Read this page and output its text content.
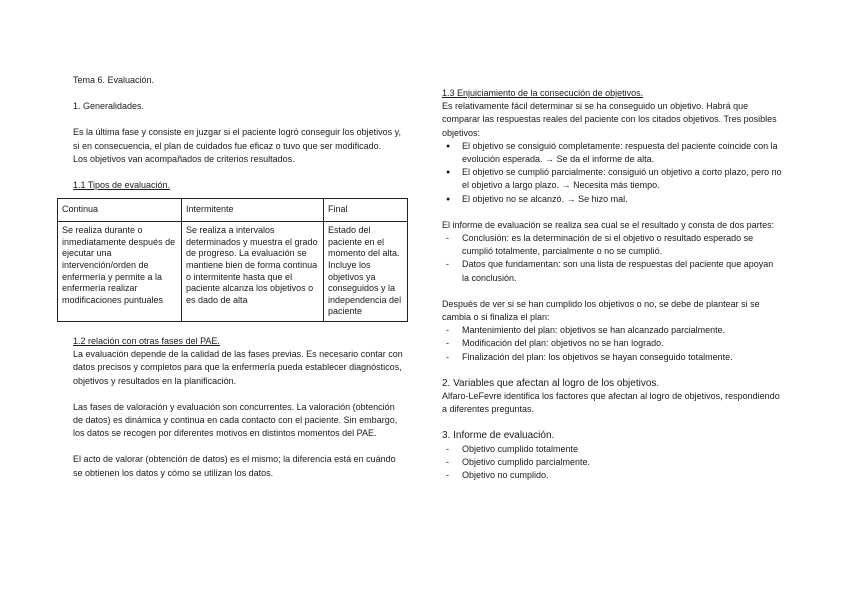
Tema 6. Evaluación.

1. Generalidades.

Es la última fase y consiste en juzgar si el paciente logró conseguir los objetivos y, si en consecuencia, el plan de cuidados fue eficaz o tuvo que ser modificado.

Los objetivos van acompañados de criterios resultados.

1.1 Tipos de evaluación.

Continua	Intermitente	Final
Se realiza durante o inmediatamente después de ejecutar una intervención/orden de enfermería y permite a la enfermería realizar modificaciones puntuales	Se realiza a intervalos determinados y muestra el grado de progreso. La evaluación se mantiene bien de forma continua o intermitente hasta que el paciente alcanza los objetivos o es dado de alta	Estado del paciente en el momento del alta. Incluye los objetivos ya conseguidos y la independencia del paciente

1.2 relación con otras fases del PAE.

La evaluación depende de la calidad de las fases previas. Es necesario contar con datos precisos y completos para que la enfermería pueda establecer diagnósticos, objetivos y resultados en la planificación.

Las fases de valoración y evaluación son concurrentes. La valoración (obtención de datos) es dinámica y continua en cada contacto con el paciente. Sin embargo, los datos se recogen por diferentes motivos en distintos momentos del PAE.

El acto de valorar (obtención de datos) es el mismo; la diferencia está en cuándo se obtienen los datos y cómo se utilizan los datos.

1.3 Enjuiciamiento de la consecución de objetivos.

Es relativamente fácil determinar si se ha conseguido un objetivo. Habrá que comparar las respuestas reales del paciente con los citados objetivos. Tres posibles objetivos:

● El objetivo se consiguió completamente: respuesta del paciente coincide con la evolución esperada. → Se da el informe de alta.
● El objetivo se cumplió parcialmente: consiguió un objetivo a corto plazo, pero no el objetivo a largo plazo. → Necesita más tiempo.
● El objetivo no se alcanzó. → Se hizo mal.

El informe de evaluación se realiza sea cual se el resultado y consta de dos partes:

- Conclusión: es la determinación de si el objetivo o resultado esperado se cumplió totalmente, parcialmente o no se cumplió.
- Datos que fundamentan: son una lista de respuestas del paciente que apoyan la conclusión.

Después de ver si se han cumplido los objetivos o no, se debe de plantear si se cambia o si finaliza el plan:

- Mantenimiento del plan: objetivos se han alcanzado parcialmente.
- Modificación del plan: objetivos no se han logrado.
- Finalización del plan: los objetivos se hayan conseguido totalmente.

2. Variables que afectan al logro de los objetivos.

Alfaro-LeFevre identifica los factores que afectan al logro de objetivos, respondiendo a diferentes preguntas.

3. Informe de evaluación.

- Objetivo cumplido totalmente
- Objetivo cumplido parcialmente.
- Objetivo no cumplido.
